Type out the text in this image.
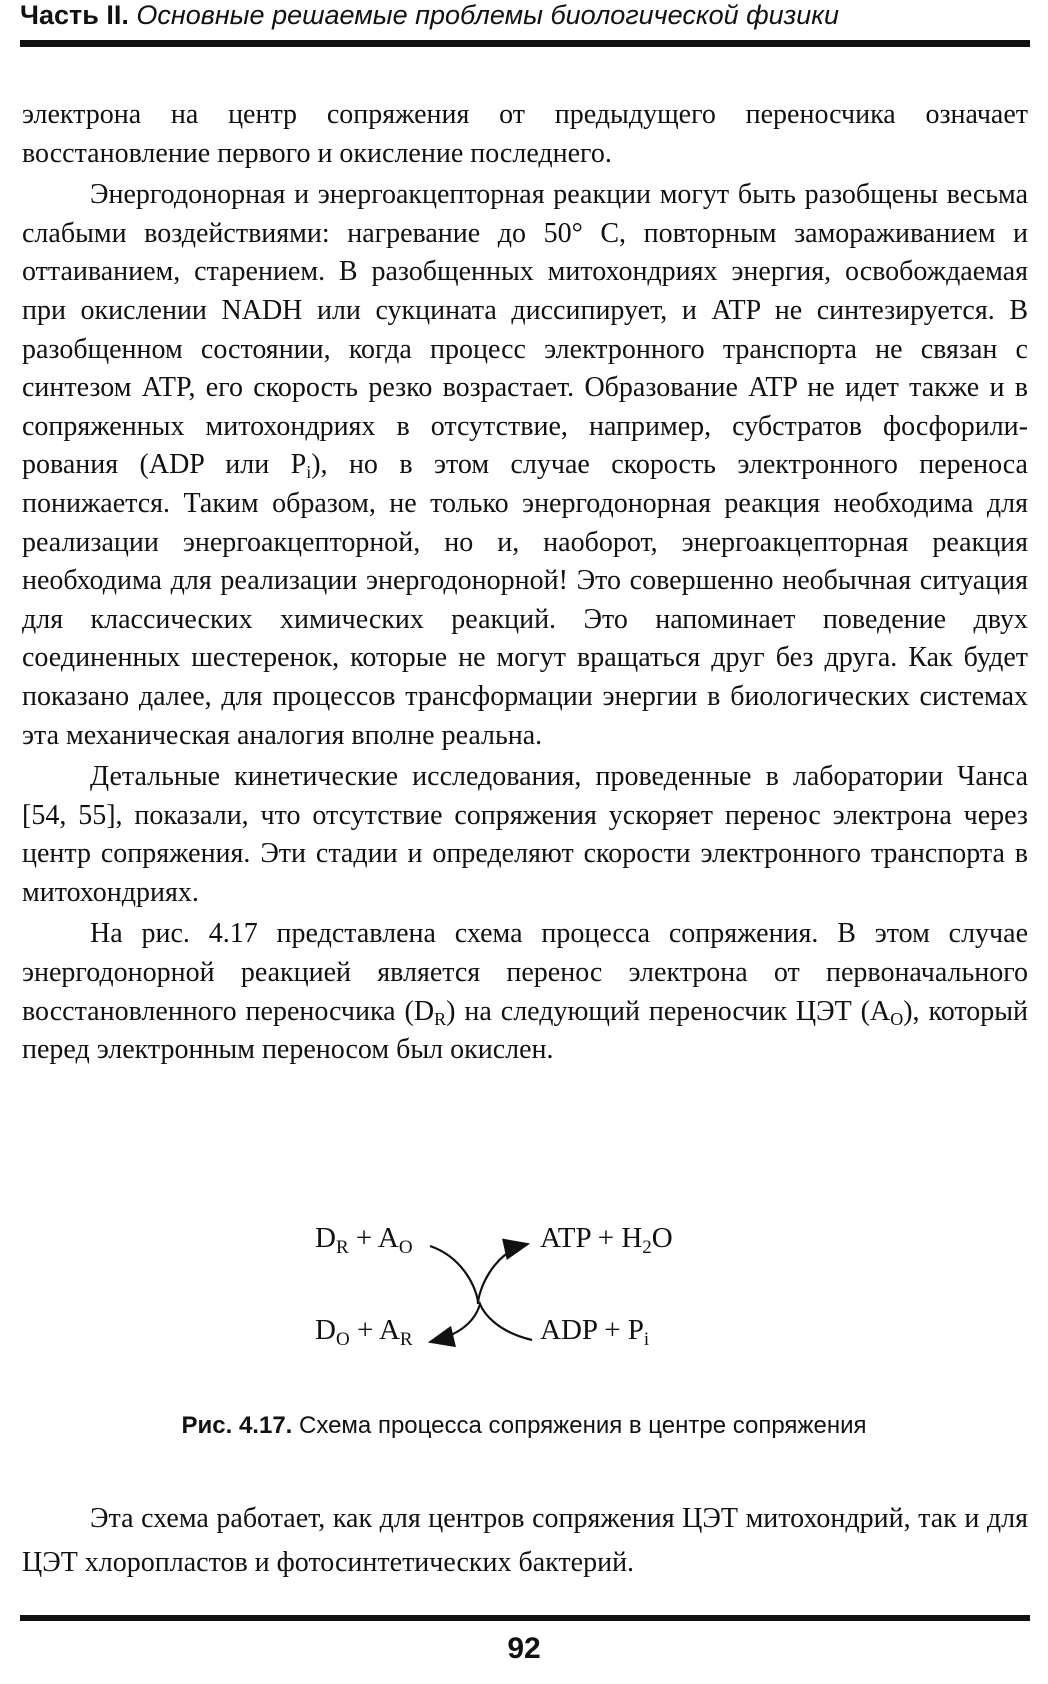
Часть II. Основные решаемые проблемы биологической физики

электрона на центр сопряжения от предыдущего переносчика означает восстановление первого и окисление последнего.

Энергодонорная и энергоакцепторная реакции могут быть разобщены весьма слабыми воздействиями: нагревание до 50° С, повторным замораживанием и оттаиванием, старением. В разобщенных митохондриях энергия, освобождаемая при окислении NADH или сукцината диссипирует, и ATP не синтезируется. В разобщенном состоянии, когда процесс электронного транспорта не связан с синтезом ATP, его скорость резко возрастает. Образование ATP не идет также и в сопряженных митохондриях в отсутствие, например, субстратов фосфорилирования (ADP или $P_i$), но в этом случае скорость электронного переноса понижается. Таким образом, не только энергодонорная реакция необходима для реализации энергоакцепторной, но и, наоборот, энергоакцепторная реакция необходима для реализации энергодонорной! Это совершенно необычная ситуация для классических химических реакций. Это напоминает поведение двух соединенных шестеренок, которые не могут вращаться друг без друга. Как будет показано далее, для процессов трансформации энергии в биологических системах эта механическая аналогия вполне реальна.

Детальные кинетические исследования, проведенные в лаборатории Чанса [54, 55], показали, что отсутствие сопряжения ускоряет перенос электрона через центр сопряжения. Эти стадии и определяют скорости электронного транспорта в митохондриях.

На рис. 4.17 представлена схема процесса сопряжения. В этом случае энергодонорной реакцией является перенос электрона от первоначального восстановленного переносчика $(D_R)$ на следующий переносчик ЦЭТ $(A_O)$, который перед электронным переносом был окислен.

$D_R + A_O$
$D_O + A_R$
ATP + $H_2O$
ADP + $P_i$
Рис. 4.17. Схема процесса сопряжения в центре сопряжения

Эта схема работает, как для центров сопряжения ЦЭТ митохондрий, так и для ЦЭТ хлоропластов и фотосинтетических бактерий.

92
